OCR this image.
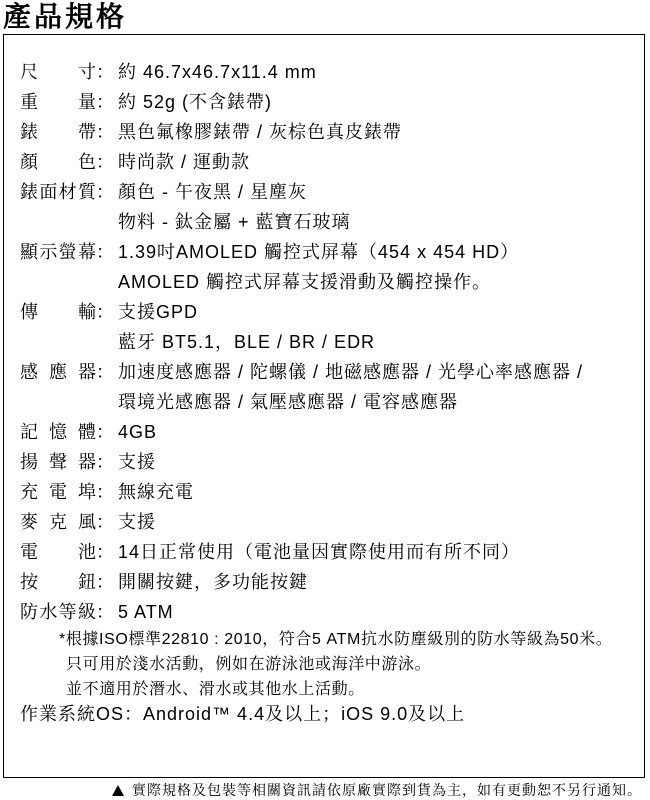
產品規格
尺寸 ： 約 46.7x46.7x11.4 mm
重量 ： 約 52g (不含錶帶)
錶帶 ： 黑色氟橡膠錶帶 / 灰棕色真皮錶帶
顏色 ： 時尚款 / 運動款
錶面材質 ： 顏色 - 午夜黑 / 星塵灰
物料 - 鈦金屬 + 藍寶石玻璃
顯示螢幕 ： 1.39吋AMOLED 觸控式屏幕（454 x 454 HD）
AMOLED 觸控式屏幕支援滑動及觸控操作。
傳輸 ： 支援GPD
藍牙 BT5.1，BLE / BR / EDR
感應器 ： 加速度感應器 / 陀螺儀 / 地磁感應器 / 光學心率感應器 /
環境光感應器 / 氣壓感應器 / 電容感應器
記憶體 ： 4GB
揚聲器 ： 支援
充電埠 ： 無線充電
麥克風 ： 支援
電池 ： 14日正常使用（電池量因實際使用而有所不同）
按鈕 ： 開關按鍵，多功能按鍵
防水等級 ： 5 ATM
*根據ISO標準22810 : 2010，符合5 ATM抗水防塵級別的防水等級為50米。
只可用於淺水活動，例如在游泳池或海洋中游泳。
並不適用於潛水、滑水或其他水上活動。
作業系統OS：Android™ 4.4及以上；iOS 9.0及以上
實際規格及包裝等相關資訊請依原廠實際到貨為主，如有更動恕不另行通知。
